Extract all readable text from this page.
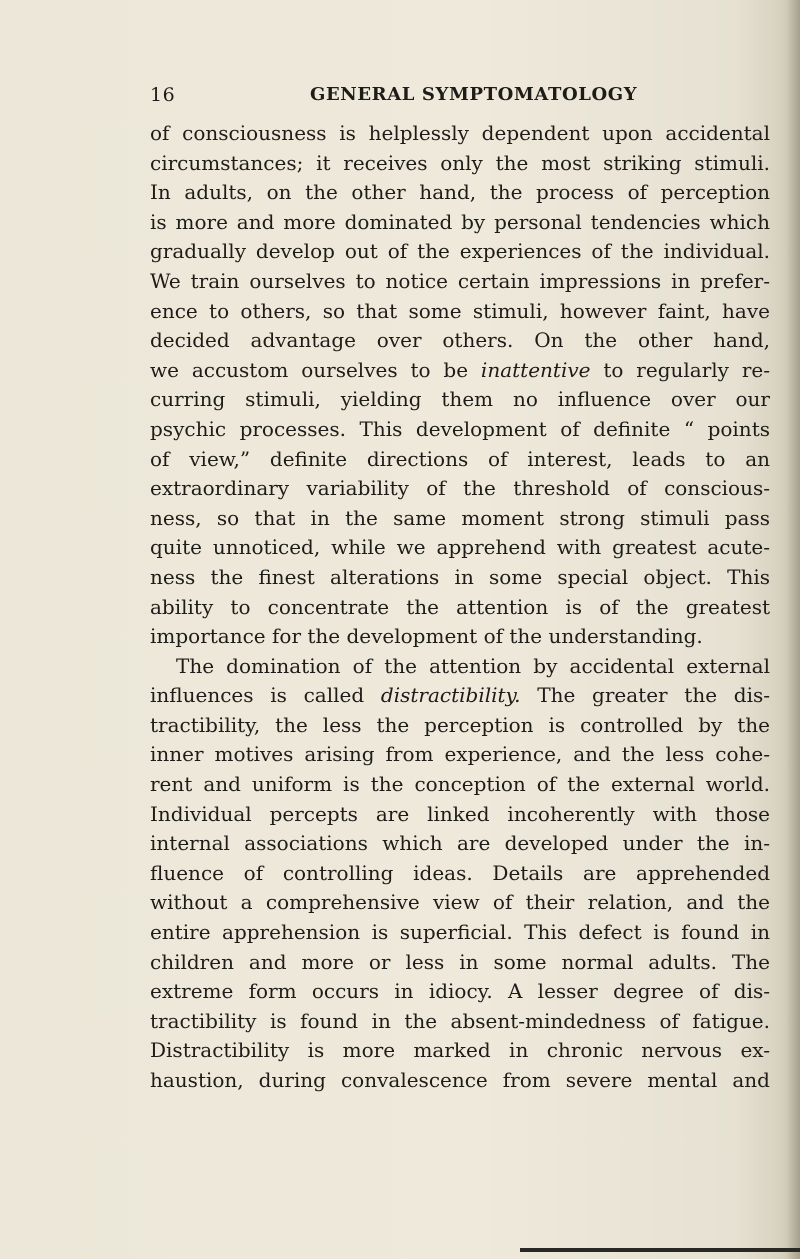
16	GENERAL SYMPTOMATOLOGY
of consciousness is helplessly dependent upon accidental
circumstances; it receives only the most striking stimuli.
In adults, on the other hand, the process of perception
is more and more dominated by personal tendencies which
gradually develop out of the experiences of the individual.
We train ourselves to notice certain impressions in prefer-
ence to others, so that some stimuli, however faint, have
decided advantage over others. On the other hand,
we accustom ourselves to be inattentive to regularly re-
curring stimuli, yielding them no influence over our
psychic processes. This development of definite “ points
of view,” definite directions of interest, leads to an
extraordinary variability of the threshold of conscious-
ness, so that in the same moment strong stimuli pass
quite unnoticed, while we apprehend with greatest acute-
ness the finest alterations in some special object. This
ability to concentrate the attention is of the greatest
importance for the development of the understanding.
The domination of the attention by accidental external
influences is called distractibility. The greater the dis-
tractibility, the less the perception is controlled by the
inner motives arising from experience, and the less cohe-
rent and uniform is the conception of the external world.
Individual percepts are linked incoherently with those
internal associations which are developed under the in-
fluence of controlling ideas. Details are apprehended
without a comprehensive view of their relation, and the
entire apprehension is superficial. This defect is found in
children and more or less in some normal adults. The
extreme form occurs in idiocy. A lesser degree of dis-
tractibility is found in the absent-mindedness of fatigue.
Distractibility is more marked in chronic nervous ex-
haustion, during convalescence from severe mental and
